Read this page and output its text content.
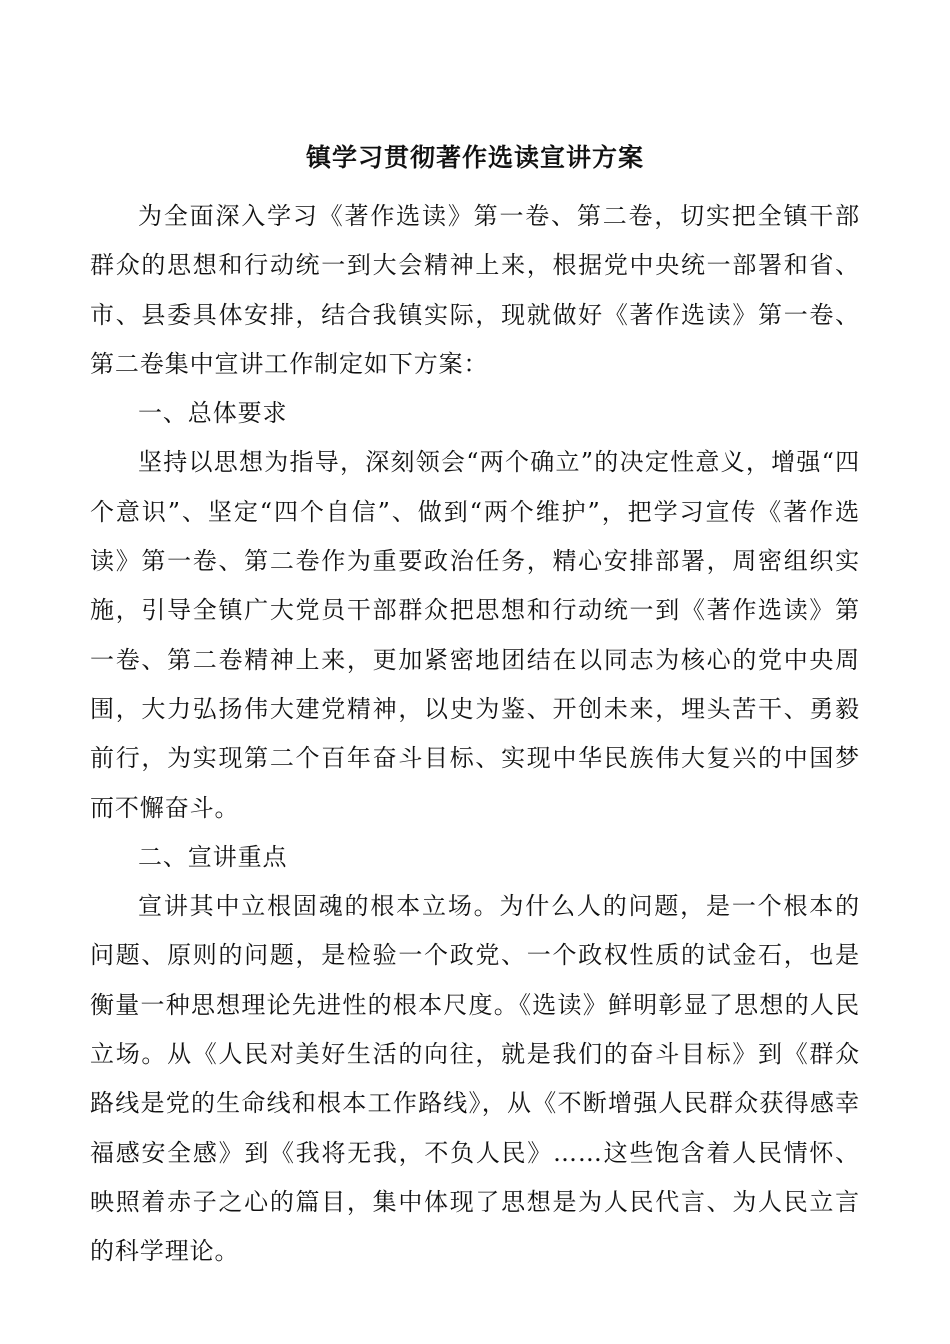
镇学习贯彻著作选读宣讲方案

为全面深入学习《著作选读》第一卷、第二卷，切实把全镇干部群众的思想和行动统一到大会精神上来，根据党中央统一部署和省、市、县委具体安排，结合我镇实际，现就做好《著作选读》第一卷、第二卷集中宣讲工作制定如下方案：

一、总体要求

坚持以思想为指导，深刻领会“两个确立”的决定性意义，增强“四个意识”、坚定“四个自信”、做到“两个维护”，把学习宣传《著作选读》第一卷、第二卷作为重要政治任务，精心安排部署，周密组织实施，引导全镇广大党员干部群众把思想和行动统一到《著作选读》第一卷、第二卷精神上来，更加紧密地团结在以同志为核心的党中央周围，大力弘扬伟大建党精神，以史为鉴、开创未来，埋头苦干、勇毅前行，为实现第二个百年奋斗目标、实现中华民族伟大复兴的中国梦而不懈奋斗。

二、宣讲重点

宣讲其中立根固魂的根本立场。为什么人的问题，是一个根本的问题、原则的问题，是检验一个政党、一个政权性质的试金石，也是衡量一种思想理论先进性的根本尺度。《选读》鲜明彰显了思想的人民立场。从《人民对美好生活的向往，就是我们的奋斗目标》到《群众路线是党的生命线和根本工作路线》，从《不断增强人民群众获得感幸福感安全感》到《我将无我，不负人民》……这些饱含着人民情怀、映照着赤子之心的篇目，集中体现了思想是为人民代言、为人民立言的科学理论。
